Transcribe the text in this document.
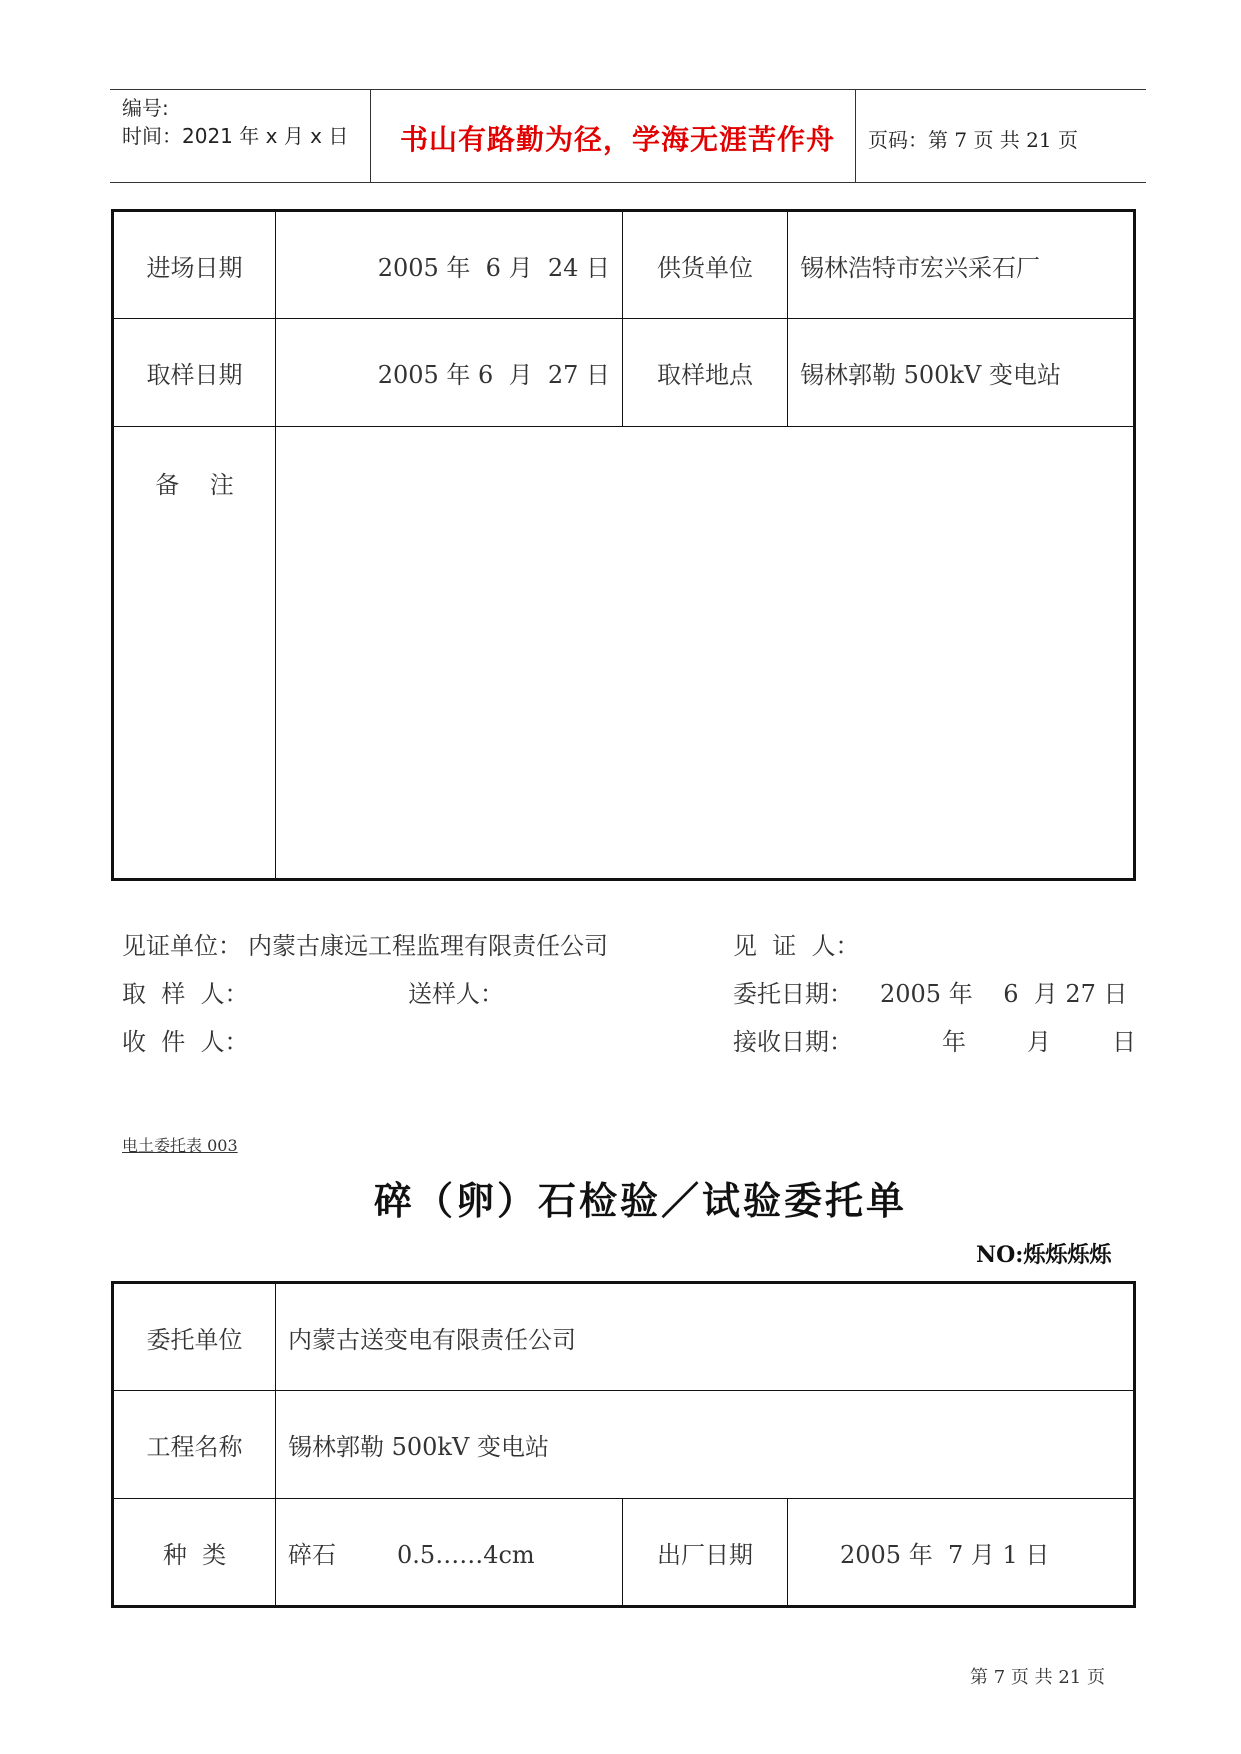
编号:
时间：2021 年 x 月 x 日 书山有路勤为径，学海无涯苦作舟 页码：第 7 页 共 21 页
进场日期	2005 年  6 月  24 日	供货单位	锡林浩特市宏兴采石厂
取样日期	2005 年 6  月  27 日	取样地点	锡林郭勒 500kV 变电站
备    注			
见证单位： 内蒙古康远工程监理有限责任公司	见  证  人：
取  样  人：	送样人：	委托日期： 2005 年    6  月 27 日
收  件  人：	接收日期：	年        月        日
电土委托表 003
碎（卵）石检验／试验委托单
NO:烁烁烁烁
委托单位	内蒙古送变电有限责任公司		
工程名称	锡林郭勒 500kV 变电站		
种  类	碎石        0.5……4cm	出厂日期	2005 年  7 月 1 日
第 7 页 共 21 页
